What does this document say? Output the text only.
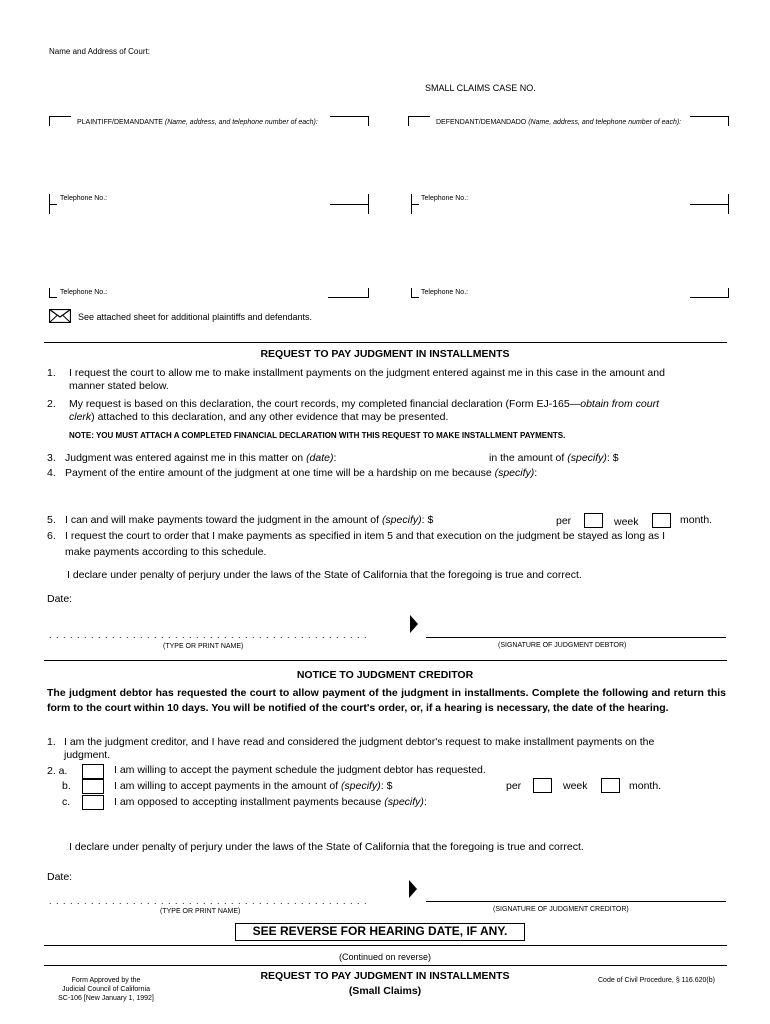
Name and Address of Court:
SMALL CLAIMS CASE NO.
PLAINTIFF/DEMANDANTE (Name, address, and telephone number of each):	DEFENDANT/DEMANDADO (Name, address, and telephone number of each):
Telephone No.:	Telephone No.:
Telephone No.:	Telephone No.:
See attached sheet for additional plaintiffs and defendants.
REQUEST TO PAY JUDGMENT IN INSTALLMENTS
1. I request the court to allow me to make installment payments on the judgment entered against me in this case in the amount and
manner stated below.
2. My request is based on this declaration, the court records, my completed financial declaration (Form EJ-165—obtain from court
clerk) attached to this declaration, and any other evidence that may be presented.
NOTE: YOU MUST ATTACH A COMPLETED FINANCIAL DECLARATION WITH THIS REQUEST TO MAKE INSTALLMENT PAYMENTS.
3. Judgment was entered against me in this matter on (date):	in the amount of (specify): $
4. Payment of the entire amount of the judgment at one time will be a hardship on me because (specify):
5. I can and will make payments toward the judgment in the amount of (specify): $	per	week	month.
6. I request the court to order that I make payments as specified in item 5 and that execution on the judgment be stayed as long as I
make payments according to this schedule.
I declare under penalty of perjury under the laws of the State of California that the foregoing is true and correct.
Date:
. . . . . . . . . . . . . . . . . . . . . . . . . . . . . . . . . . . . . . . . . . . . . .
(TYPE OR PRINT NAME)	(SIGNATURE OF JUDGMENT DEBTOR)
NOTICE TO JUDGMENT CREDITOR
The judgment debtor has requested the court to allow payment of the judgment in installments. Complete the following and return this form to the court within 10 days. You will be notified of the court's order, or, if a hearing is necessary, the date of the hearing.
1. I am the judgment creditor, and I have read and considered the judgment debtor's request to make installment payments on the
judgment.
2. a.	I am willing to accept the payment schedule the judgment debtor has requested.
b.	I am willing to accept payments in the amount of (specify): $	per	week	month.
c.	I am opposed to accepting installment payments because (specify):
I declare under penalty of perjury under the laws of the State of California that the foregoing is true and correct.
Date:
. . . . . . . . . . . . . . . . . . . . . . . . . . . . . . . . . . . . . . . . . . . . . .
(TYPE OR PRINT NAME)	(SIGNATURE OF JUDGMENT CREDITOR)
SEE REVERSE FOR HEARING DATE, IF ANY.
(Continued on reverse)
Form Approved by the
Judicial Council of California
SC-106 [New January 1, 1992]
REQUEST TO PAY JUDGMENT IN INSTALLMENTS
(Small Claims)
Code of Civil Procedure, § 116.620(b)
